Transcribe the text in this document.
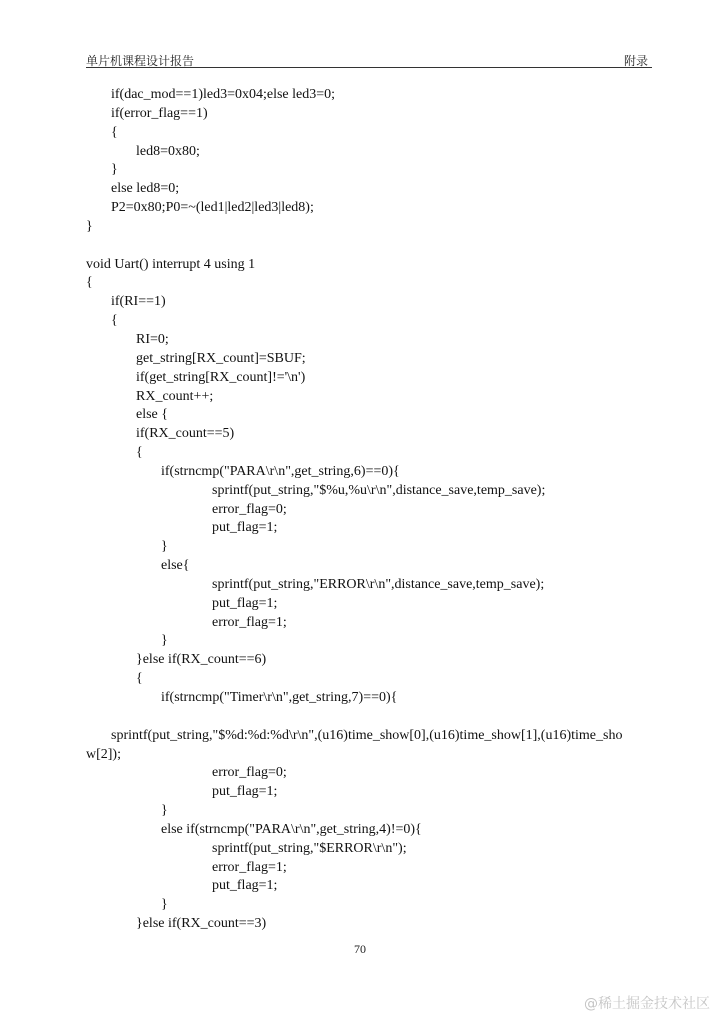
单片机课程设计报告	附录
if(dac_mod==1)led3=0x04;else led3=0;
if(error_flag==1)
{
led8=0x80;
}
else led8=0;
P2=0x80;P0=~(led1|led2|led3|led8);
}
void Uart() interrupt 4 using 1
{
if(RI==1)
{
RI=0;
get_string[RX_count]=SBUF;
if(get_string[RX_count]!='\n')
RX_count++;
else {
if(RX_count==5)
{
if(strncmp("PARA\r\n",get_string,6)==0){
sprintf(put_string,"$%u,%u\r\n",distance_save,temp_save);
error_flag=0;
put_flag=1;
}
else{
sprintf(put_string,"ERROR\r\n",distance_save,temp_save);
put_flag=1;
error_flag=1;
}
}else if(RX_count==6)
{
if(strncmp("Timer\r\n",get_string,7)==0){
sprintf(put_string,"$%d:%d:%d\r\n",(u16)time_show[0],(u16)time_show[1],(u16)time_sho
w[2]);
error_flag=0;
put_flag=1;
}
else if(strncmp("PARA\r\n",get_string,4)!=0){
sprintf(put_string,"$ERROR\r\n");
error_flag=1;
put_flag=1;
}
}else if(RX_count==3)
70
@稀土掘金技术社区
